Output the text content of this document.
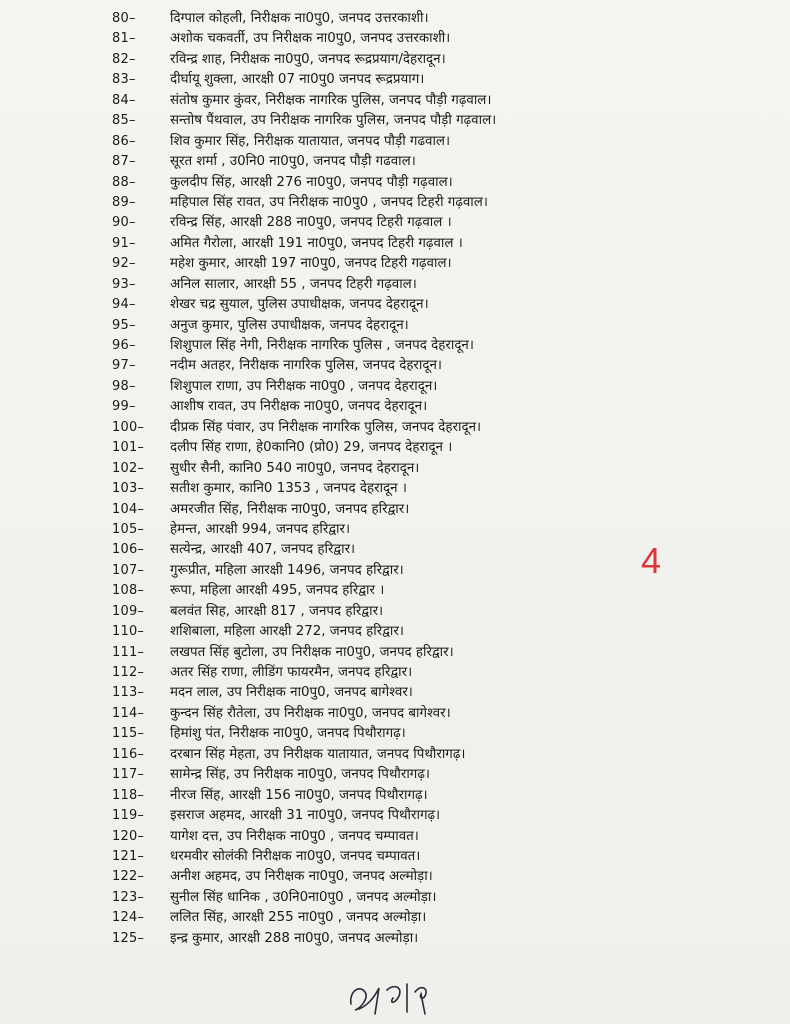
80–	दिग्पाल कोहली, निरीक्षक ना0पु0, जनपद उत्तरकाशी।
81–	अशोक चकवर्ती, उप निरीक्षक ना0पु0, जनपद उत्तरकाशी।
82–	रविन्द्र शाह, निरीक्षक ना0पु0, जनपद रूद्रप्रयाग/देहरादून।
83–	दीर्घायू शुक्ला, आरक्षी 07 ना0पु0 जनपद रूद्रप्रयाग।
84–	संतोष कुमार कुंवर, निरीक्षक नागरिक पुलिस, जनपद पौड़ी गढ़वाल।
85–	सन्तोष पैंथवाल, उप निरीक्षक नागरिक पुलिस, जनपद पौड़ी गढ़वाल।
86–	शिव कुमार सिंह, निरीक्षक यातायात, जनपद पौड़ी गढवाल।
87–	सूरत शर्मा , उ0नि0 ना0पु0, जनपद पौड़ी गढवाल।
88–	कुलदीप सिंह, आरक्षी 276 ना0पु0, जनपद पौड़ी गढ़वाल।
89–	महिपाल सिंह रावत, उप निरीक्षक ना0पु0 , जनपद टिहरी गढ़वाल।
90–	रविन्द्र सिंह, आरक्षी 288 ना0पु0, जनपद टिहरी गढ़वाल ।
91–	अमित गैरोला, आरक्षी 191 ना0पु0, जनपद टिहरी गढ़वाल ।
92–	महेश कुमार, आरक्षी 197 ना0पु0, जनपद टिहरी गढ़वाल।
93–	अनिल सालार, आरक्षी 55 , जनपद टिहरी गढ़वाल।
94–	शेखर चद्र सुयाल, पुलिस उपाधीक्षक, जनपद देहरादून।
95–	अनुज कुमार, पुलिस उपाधीक्षक, जनपद देहरादून।
96–	शिशुपाल सिंह नेगी, निरीक्षक नागरिक पुलिस , जनपद देहरादून।
97–	नदीम अतहर, निरीक्षक नागरिक पुलिस, जनपद देहरादून।
98–	शिशुपाल राणा, उप निरीक्षक ना0पु0 , जनपद देहरादून।
99–	आशीष रावत, उप निरीक्षक ना0पु0, जनपद देहरादून।
100–	दीप्रक सिंह पंवार, उप निरीक्षक नागरिक पुलिस, जनपद देहरादून।
101–	दलीप सिंह राणा, हे0कानि0 (प्रो0) 29, जनपद देहरादून ।
102–	सुधीर सैनी, कानि0 540 ना0पु0, जनपद देहरादून।
103–	सतीश कुमार, कानि0 1353 , जनपद देहरादून ।
104–	अमरजीत सिंह, निरीक्षक ना0पु0, जनपद हरिद्वार।
105–	हेमन्त, आरक्षी 994, जनपद हरिद्वार।
106–	सत्येन्द्र, आरक्षी 407, जनपद हरिद्वार।
107–	गुरूप्रीत, महिला आरक्षी 1496, जनपद हरिद्वार।
108–	रूपा, महिला आरक्षी 495, जनपद हरिद्वार ।
109–	बलवंत सिह, आरक्षी 817 , जनपद हरिद्वार।
110–	शशिबाला, महिला आरक्षी 272, जनपद हरिद्वार।
111–	लखपत सिंह बुटोला, उप निरीक्षक ना0पु0, जनपद हरिद्वार।
112–	अतर सिंह राणा, लीडिंग फायरमैन, जनपद हरिद्वार।
113–	मदन लाल, उप निरीक्षक ना0पु0, जनपद बागेश्वर।
114–	कुन्दन सिंह रौतेला, उप निरीक्षक ना0पु0, जनपद बागेश्वर।
115–	हिमांशु पंत, निरीक्षक ना0पु0, जनपद पिथौरागढ़।
116–	दरबान सिंह मेहता, उप निरीक्षक यातायात, जनपद पिथौरागढ़।
117–	सामेन्द्र सिंह, उप निरीक्षक ना0पु0, जनपद पिथौरागढ़।
118–	नीरज सिंह, आरक्षी 156 ना0पु0, जनपद पिथौरागढ़।
119–	इसराज अहमद, आरक्षी 31 ना0पु0, जनपद पिथौरागढ़।
120–	यागेश दत्त, उप निरीक्षक ना0पु0 , जनपद चम्पावत।
121–	धरमवीर सोलंकी निरीक्षक ना0पु0, जनपद चम्पावत।
122–	अनीश अहमद, उप निरीक्षक ना0पु0, जनपद अल्मोड़ा।
123–	सुनील सिंह धानिक , उ0नि0ना0पु0 , जनपद अल्मोड़ा।
124–	ललित सिंह, आरक्षी 255 ना0पु0 , जनपद अल्मोड़ा।
125–	इन्द्र कुमार, आरक्षी 288 ना0पु0, जनपद अल्मोड़ा।
4
